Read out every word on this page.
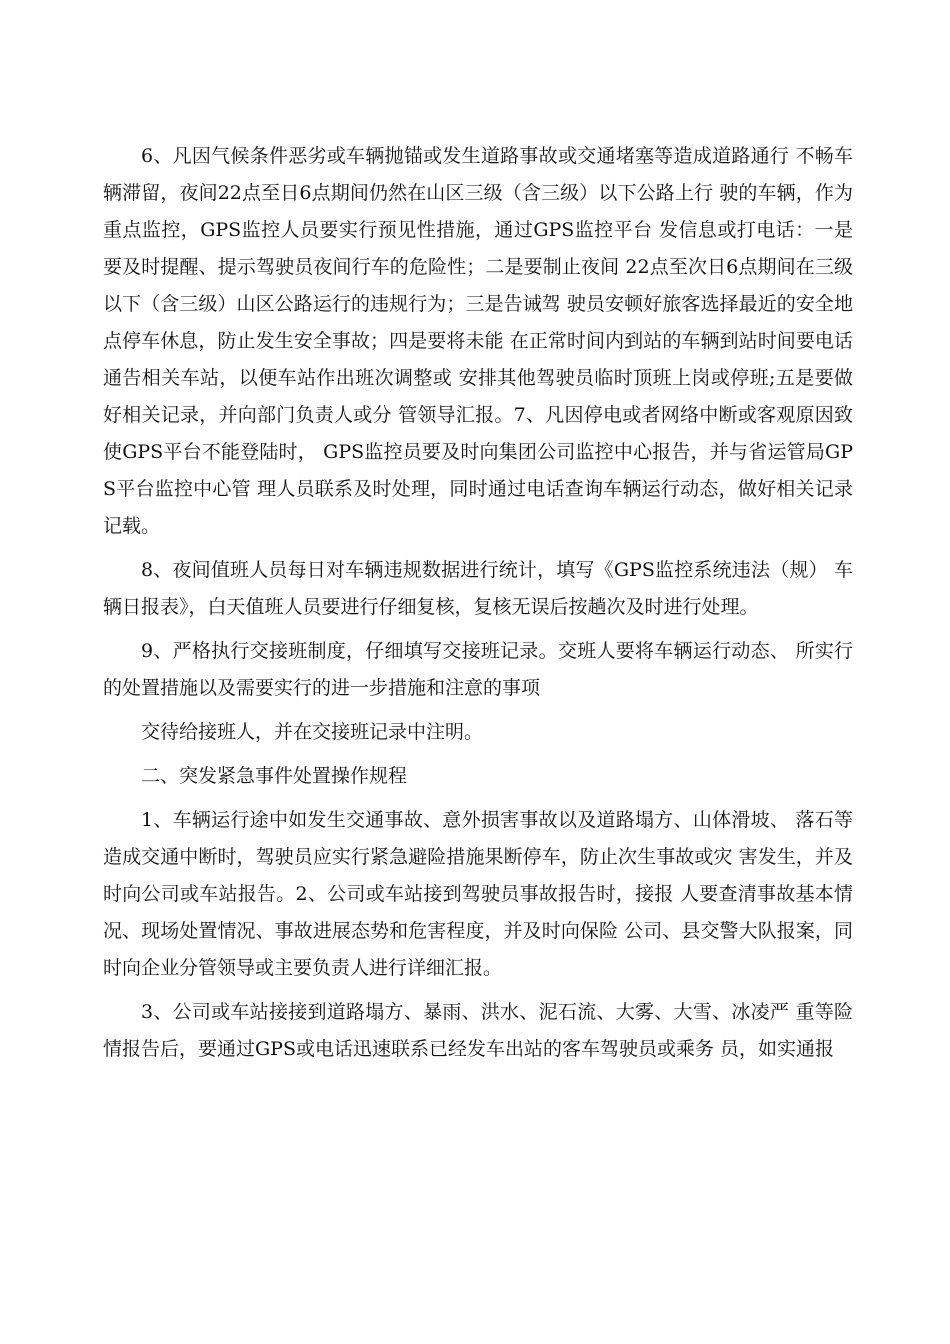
6、凡因气候条件恶劣或车辆抛锚或发生道路事故或交通堵塞等造成道路通行 不畅车辆滞留，夜间22点至日6点期间仍然在山区三级（含三级）以下公路上行 驶的车辆，作为重点监控，GPS监控人员要实行预见性措施，通过GPS监控平台 发信息或打电话：一是要及时提醒、提示驾驶员夜间行车的危险性；二是要制止夜间 22点至次日6点期间在三级以下（含三级）山区公路运行的违规行为；三是告诫驾 驶员安顿好旅客选择最近的安全地点停车休息，防止发生安全事故；四是要将未能 在正常时间内到站的车辆到站时间要电话通告相关车站，以便车站作出班次调整或 安排其他驾驶员临时顶班上岗或停班;五是要做好相关记录，并向部门负责人或分 管领导汇报。7、凡因停电或者网络中断或客观原因致使GPS平台不能登陆时， GPS监控员要及时向集团公司监控中心报告，并与省运管局GPS平台监控中心管 理人员联系及时处理，同时通过电话查询车辆运行动态，做好相关记录记载。

8、夜间值班人员每日对车辆违规数据进行统计，填写《GPS监控系统违法（规） 车辆日报表》，白天值班人员要进行仔细复核，复核无误后按趟次及时进行处理。

9、严格执行交接班制度，仔细填写交接班记录。交班人要将车辆运行动态、 所实行的处置措施以及需要实行的进一步措施和注意的事项

交待给接班人，并在交接班记录中注明。

二、突发紧急事件处置操作规程

1、车辆运行途中如发生交通事故、意外损害事故以及道路塌方、山体滑坡、 落石等造成交通中断时，驾驶员应实行紧急避险措施果断停车，防止次生事故或灾 害发生，并及时向公司或车站报告。2、公司或车站接到驾驶员事故报告时，接报 人要查清事故基本情况、现场处置情况、事故进展态势和危害程度，并及时向保险 公司、县交警大队报案，同时向企业分管领导或主要负责人进行详细汇报。

3、公司或车站接接到道路塌方、暴雨、洪水、泥石流、大雾、大雪、冰凌严 重等险情报告后，要通过GPS或电话迅速联系已经发车出站的客车驾驶员或乘务 员，如实通报
